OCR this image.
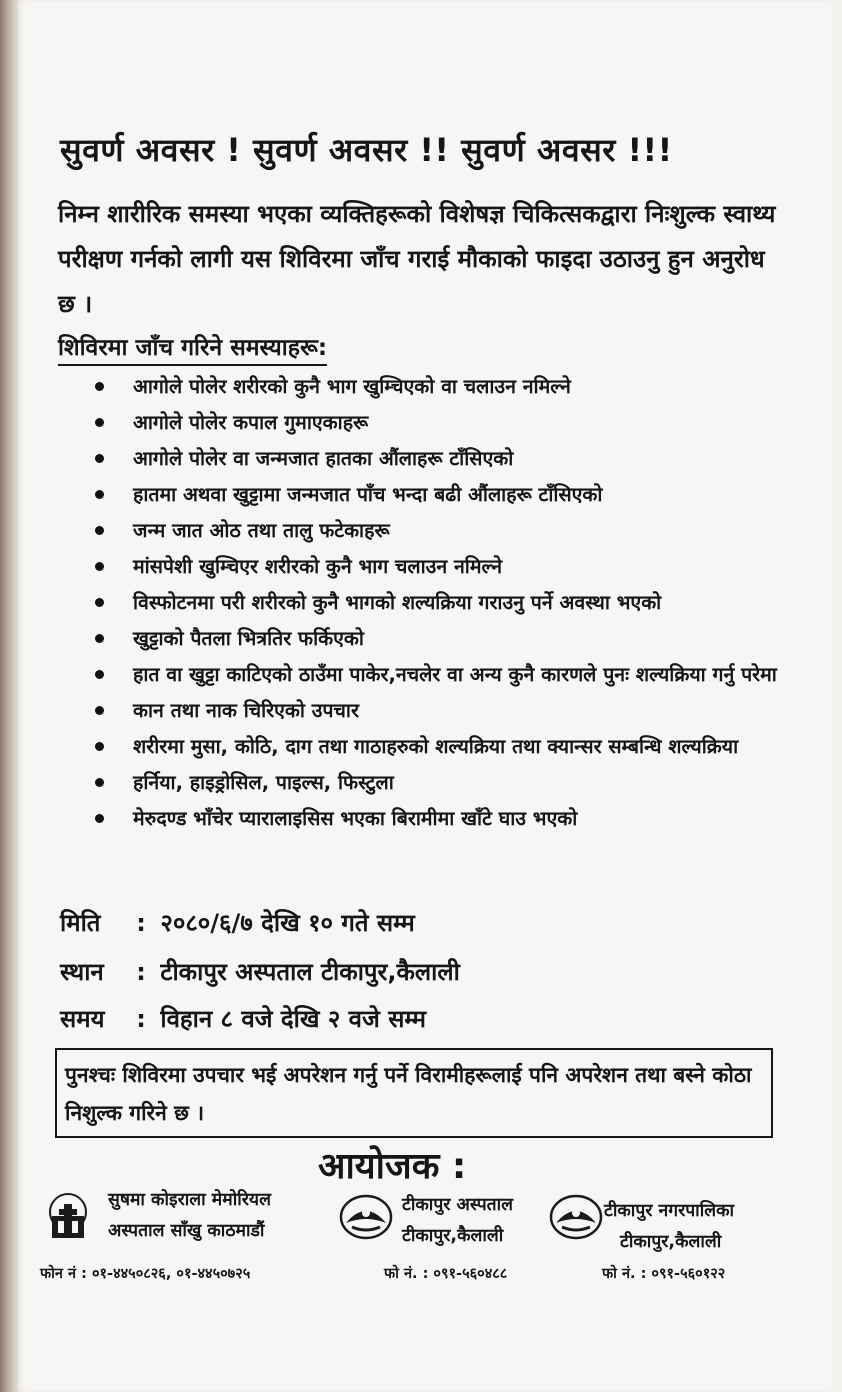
सुवर्ण अवसर ! सुवर्ण अवसर !! सुवर्ण अवसर !!!
निम्न शारीरिक समस्या भएका व्यक्तिहरूको विशेषज्ञ चिकित्सकद्वारा निःशुल्क स्वाथ्य परीक्षण गर्नको लागी यस शिविरमा जाँच गराई मौकाको फाइदा उठाउनु हुन अनुरोध छ ।
शिविरमा जाँच गरिने समस्याहरू:
आगोले पोलेर शरीरको कुनै भाग खुम्चिएको वा चलाउन नमिल्ने
आगोले पोलेर कपाल गुमाएकाहरू
आगोले पोलेर वा जन्मजात हातका औंलाहरू टाँसिएको
हातमा अथवा खुट्टामा जन्मजात पाँच भन्दा बढी औंलाहरू टाँसिएको
जन्म जात ओठ तथा तालु फटेकाहरू
मांसपेशी खुम्चिएर शरीरको कुनै भाग चलाउन नमिल्ने
विस्फोटनमा परी शरीरको कुनै भागको शल्यक्रिया गराउनु पर्ने अवस्था भएको
खुट्टाको पैतला भित्रतिर फर्किएको
हात वा खुट्टा काटिएको ठाउँमा पाकेर,नचलेर वा अन्य कुनै कारणले पुनः शल्यक्रिया गर्नु परेमा
कान तथा नाक चिरिएको उपचार
शरीरमा मुसा, कोठि, दाग तथा गाठाहरुको शल्यक्रिया तथा क्यान्सर सम्बन्धि शल्यक्रिया
हर्निया, हाइड्रोसिल, पाइल्स, फिस्टुला
मेरुदण्ड भाँचेर प्यारालाइसिस भएका बिरामीमा खाँटे घाउ भएको
मिति : २०८०/६/७ देखि १० गते सम्म
स्थान : टीकापुर अस्पताल टीकापुर,कैलाली
समय : विहान ८ वजे देखि २ वजे सम्म
पुनश्चः शिविरमा उपचार भई अपरेशन गर्नु पर्ने विरामीहरूलाई पनि अपरेशन तथा बस्ने कोठा निशुल्क गरिने छ ।
आयोजक :
सुषमा कोइराला मेमोरियल
अस्पताल साँखु काठमाडौं
फोन नं : ०१-४४५०८२६, ०१-४४५०७२५
टीकापुर अस्पताल
टीकापुर,कैलाली
फो नं. : ०९१-५६०४८८
टीकापुर नगरपालिका
टीकापुर,कैलाली
फो नं. : ०९१-५६०१२२
